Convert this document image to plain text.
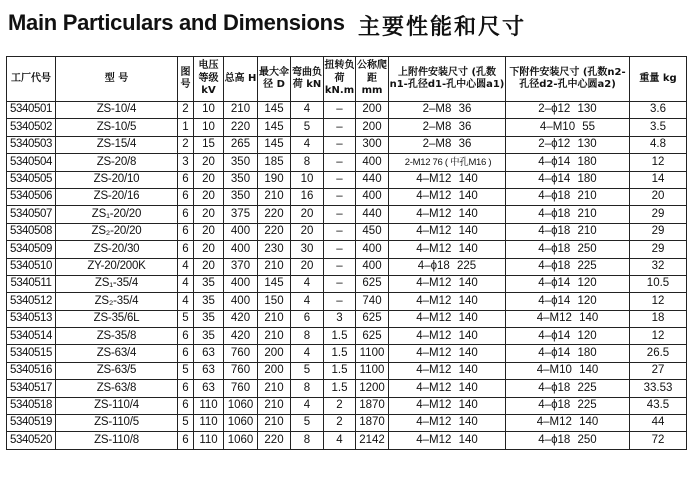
Main Particulars and Dimensions 主要性能和尺寸
工厂代号	型 号	图号	电压等级 kV	总高 H	最大伞径 D	弯曲负荷 kN	扭转负荷 kN.m	公称爬距 mm	上附件安装尺寸 (孔数n1-孔径d1-孔中心圆a1)	下附件安装尺寸 (孔数n2-孔径d2-孔中心圆a2)	重量 kg
5340501	ZS-10/4	2	10	210	145	4	–	200	2–M8 36	2–ϕ12 130	3.6
5340502	ZS-10/5	1	10	220	145	5	–	200	2–M8 36	4–M10 55	3.5
5340503	ZS-15/4	2	15	265	145	4	–	300	2–M8 36	2–ϕ12 130	4.8
5340504	ZS-20/8	3	20	350	185	8	–	400	2-M12 76 ( 中孔M16 )	4–ϕ14 180	12
5340505	ZS-20/10	6	20	350	190	10	–	440	4–M12 140	4–ϕ14 180	14
5340506	ZS-20/16	6	20	350	210	16	–	400	4–M12 140	4–ϕ18 210	20
5340507	ZS₁-20/20	6	20	375	220	20	–	440	4–M12 140	4–ϕ18 210	29
5340508	ZS₂-20/20	6	20	400	220	20	–	450	4–M12 140	4–ϕ18 210	29
5340509	ZS-20/30	6	20	400	230	30	–	400	4–M12 140	4–ϕ18 250	29
5340510	ZY-20/200K	4	20	370	210	20	–	400	4–ϕ18 225	4–ϕ18 225	32
5340511	ZS₁-35/4	4	35	400	145	4	–	625	4–M12 140	4–ϕ14 120	10.5
5340512	ZS₂-35/4	4	35	400	150	4	–	740	4–M12 140	4–ϕ14 120	12
5340513	ZS-35/6L	5	35	420	210	6	3	625	4–M12 140	4–M12 140	18
5340514	ZS-35/8	6	35	420	210	8	1.5	625	4–M12 140	4–ϕ14 120	12
5340515	ZS-63/4	6	63	760	200	4	1.5	1100	4–M12 140	4–ϕ14 180	26.5
5340516	ZS-63/5	5	63	760	200	5	1.5	1100	4–M12 140	4–M10 140	27
5340517	ZS-63/8	6	63	760	210	8	1.5	1200	4–M12 140	4–ϕ18 225	33.53
5340518	ZS-110/4	6	110	1060	210	4	2	1870	4–M12 140	4–ϕ18 225	43.5
5340519	ZS-110/5	5	110	1060	210	5	2	1870	4–M12 140	4–M12 140	44
5340520	ZS-110/8	6	110	1060	220	8	4	2142	4–M12 140	4–ϕ18 250	72
